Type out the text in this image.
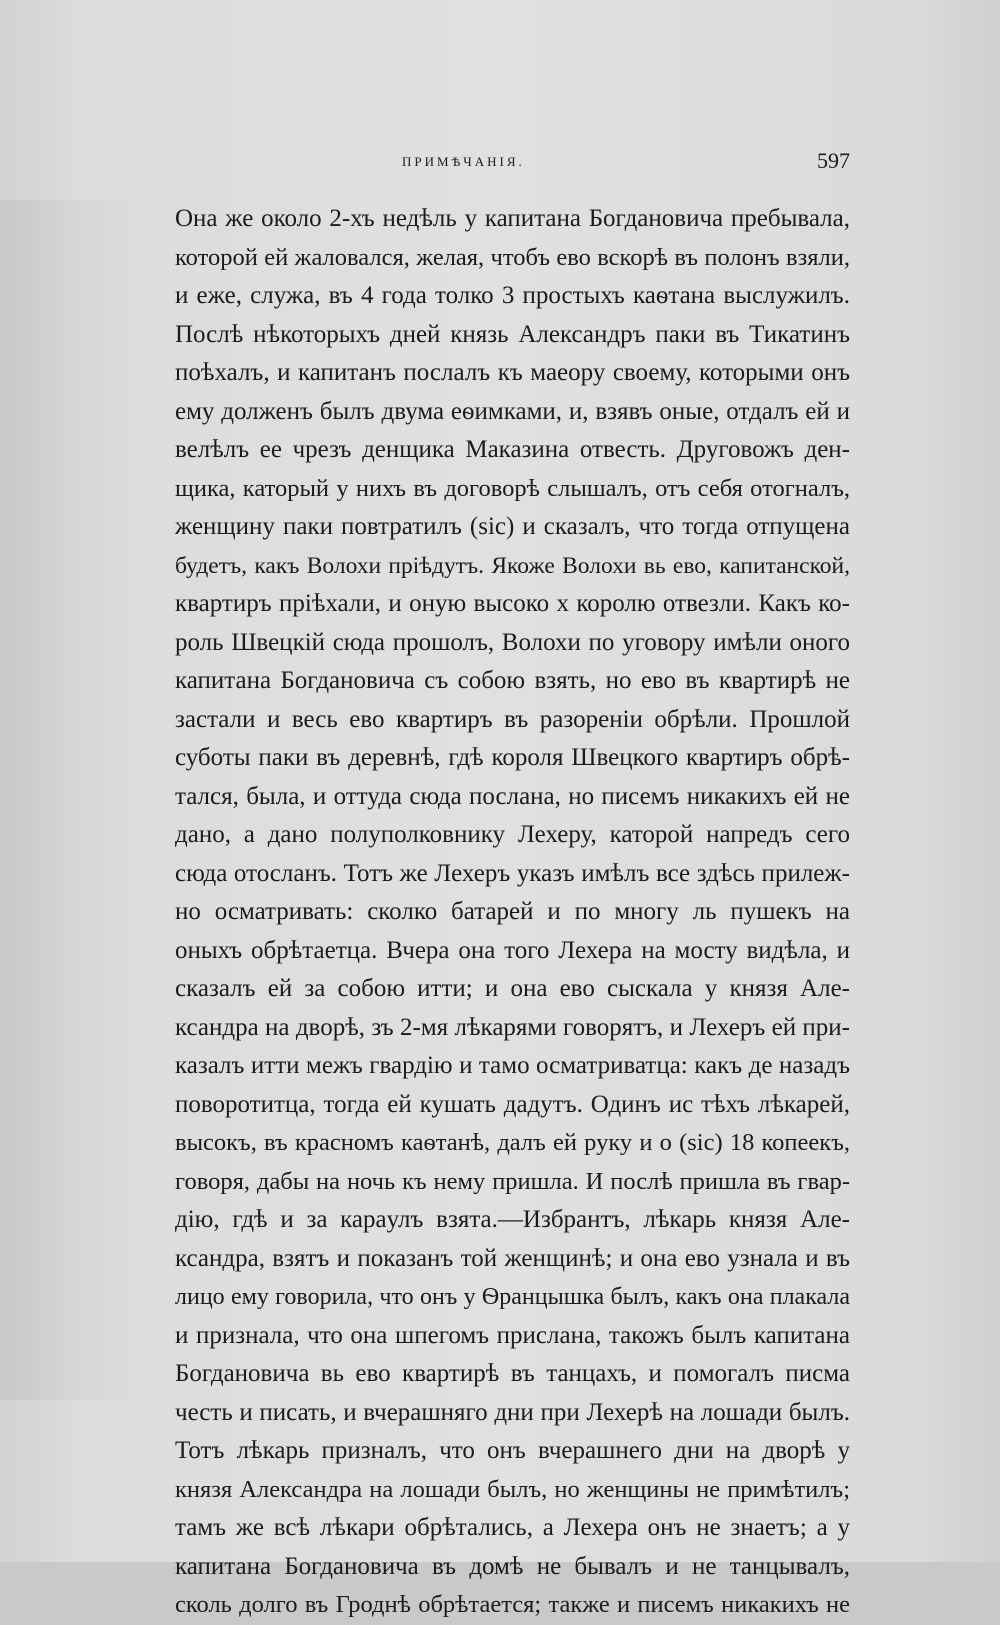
ПРИМѢЧАНІЯ.	597
Она же около 2-хъ недѣль у капитана Богдановича пребывала,
которой ей жаловался, желая, чтобъ ево вскорѣ въ полонъ взяли,
и еже, служа, въ 4 года толко 3 простыхъ каѳтана выслужилъ.
Послѣ нѣкоторыхъ дней князь Александръ паки въ Тикатинъ
поѣхалъ, и капитанъ послалъ къ маеору своему, которыми онъ
ему долженъ былъ двума еѳимками, и, взявъ оные, отдалъ ей и
велѣлъ ее чрезъ денщика Маказина отвесть. Друговожъ ден-
щика, каторый у нихъ въ договорѣ слышалъ, отъ себя отогналъ,
женщину паки повтратилъ (sic) и сказалъ, что тогда отпущена
будетъ, какъ Волохи пріѣдутъ. Якоже Волохи вь ево, капитанской,
квартиръ пріѣхали, и оную высоко х королю отвезли. Какъ ко-
роль Швецкій сюда прошолъ, Волохи по уговору имѣли оного
капитана Богдановича съ собою взять, но ево въ квартирѣ не
застали и весь ево квартиръ въ разореніи обрѣли. Прошлой
суботы паки въ деревнѣ, гдѣ короля Швецкого квартиръ обрѣ-
тался, была, и оттуда сюда послана, но писемъ никакихъ ей не
дано, а дано полуполковнику Лехеру, каторой напредъ сего
сюда отосланъ. Тотъ же Лехеръ указъ имѣлъ все здѣсь прилеж-
но осматривать: сколко батарей и по многу ль пушекъ на
оныхъ обрѣтаетца. Вчера она того Лехера на мосту видѣла, и
сказалъ ей за собою итти; и она ево сыскала у князя Але-
ксандра на дворѣ, зъ 2-мя лѣкарями говорятъ, и Лехеръ ей при-
казалъ итти межъ гвардію и тамо осматриватца: какъ де назадъ
поворотитца, тогда ей кушать дадутъ. Одинъ ис тѣхъ лѣкарей,
высокъ, въ красномъ каѳтанѣ, далъ ей руку и о (sic) 18 копеекъ,
говоря, дабы на ночь къ нему пришла. И послѣ пришла въ гвар-
дію, гдѣ и за карaулъ взята.—Избрантъ, лѣкарь князя Але-
ксандра, взятъ и показанъ той женщинѣ; и она ево узнала и въ
лицо ему говорила, что онъ у Ѳранцышка былъ, какъ она плакала
и признала, что она шпегомъ прислана, такожъ былъ капитана
Богдановича вь ево квартирѣ въ танцахъ, и помогалъ писма
честь и писать, и вчерашняго дни при Лехерѣ на лошади былъ.
Тотъ лѣкарь призналъ, что онъ вчерашнего дни на дворѣ у
князя Александра на лошади былъ, но женщины не примѣтилъ;
тамъ же всѣ лѣкари обрѣтались, а Лехера онъ не знаетъ; а у
капитана Богдановича въ домѣ не бывалъ и не танцывалъ,
сколь долго въ Гроднѣ обрѣтается; также и писемъ никакихъ не
